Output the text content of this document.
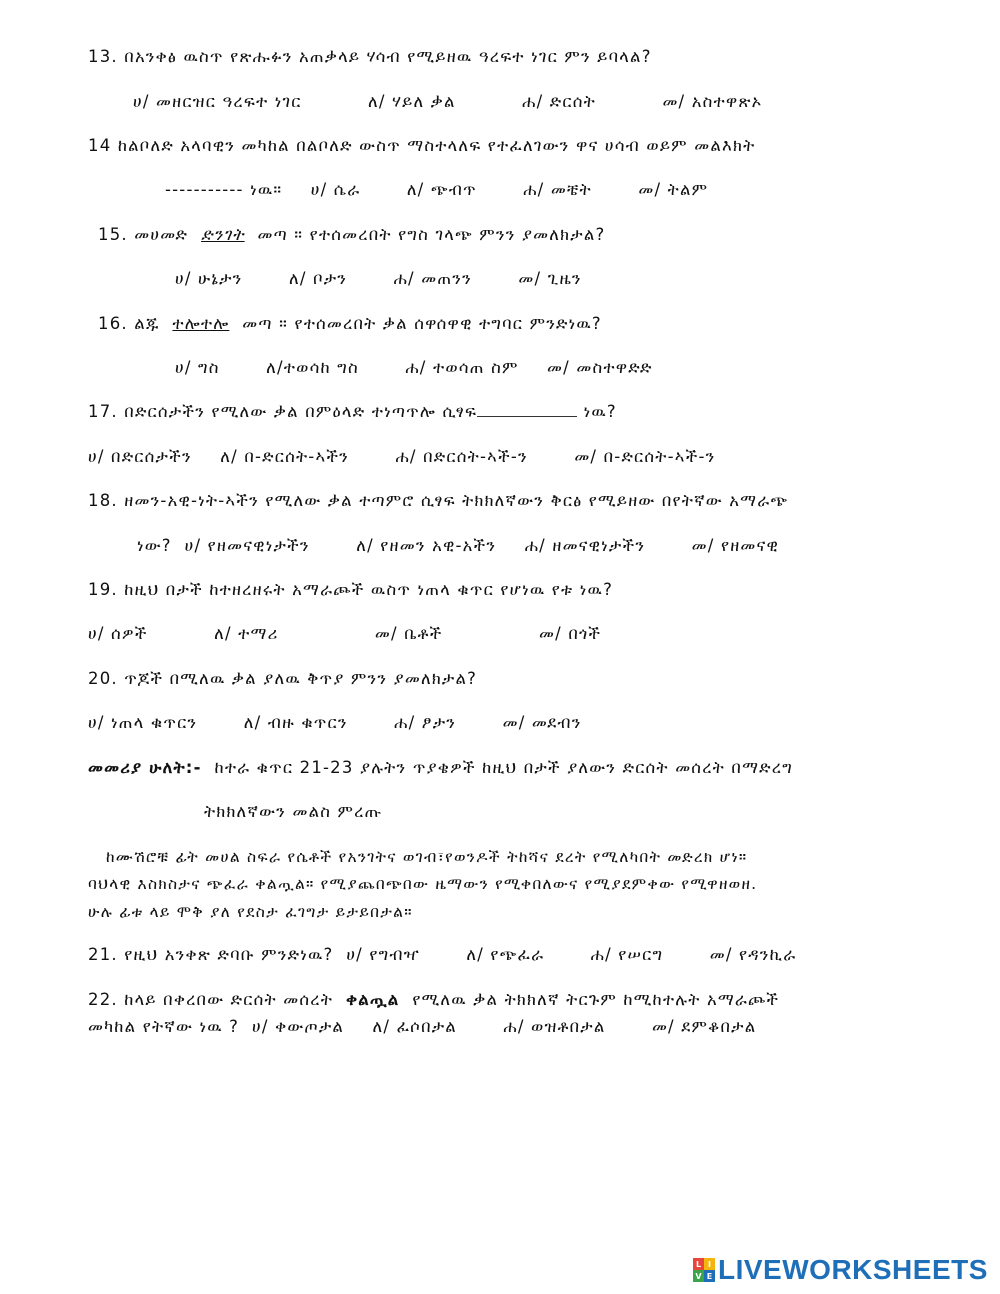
13. በአንቀፅ ዉስጥ የጽሑፉን አጠቃላይ ሃሳብ የሚይዘዉ ዓረፍተ ነገር ምን ይባላል?
ሀ/ መዘርዝር ዓረፍተ ነገር	ለ/ ሃይለ ቃል	ሐ/ ድርሰት	መ/ አስተዋጽኦ
14 ከልቦለድ አላባዊን መካከል በልቦለድ ውስጥ ማስተላለፍ የተፈለገውን ዋና ሀሳብ ወይም መልእክት
----------- ነዉ። ሀ/ ሴራ	ለ/ ጭብጥ	ሐ/ መቼት	መ/ ትልም
15. መሀመድ ድንገት መጣ ። የተሰመረበት የግስ ገላጭ ምንን ያመለክታል?
ሀ/ ሁኔታን	ለ/ ቦታን	ሐ/ መጠንን	መ/ ጊዜን
16. ልጁ ተሎተሎ መጣ ። የተሰመረበት ቃል ሰዋሰዋዊ ተግባር ምንድነዉ?
ሀ/ ግስ	ለ/ተወሳከ ግስ	ሐ/ ተወሳጠ ስም መ/ መስተዋድድ
17. በድርሰታችን የሚለው ቃል በምዕላድ ተነጣጥሎ ሲፃፍ	ነዉ?
ሀ/ በድርሰታችን ለ/ በ-ድርሰት-ኣችን	ሐ/ በድርሰት-ኣች-ን	መ/ በ-ድርሰት-ኣች-ን
18. ዘመን-አዊ-ነት-ኣችን የሚለው ቃል ተጣምሮ ሲፃፍ ትክክለኛውን ቅርፅ የሚይዘው በየትኛው አማራጭ
ነው? ሀ/ የዘመናዊነታችን	ለ/ የዘመን አዊ-አችን ሐ/ ዘመናዊነታችን	መ/ የዘመናዊ
19. ከዚህ በታች ከተዘረዘሩት አማራጮች ዉስጥ ነጠላ ቁጥር የሆነዉ የቱ ነዉ?
ሀ/ ሰዎች	ለ/ ተማሪ	መ/ ቤቶች	መ/ በጎች
20. ጥጆች በሚለዉ ቃል ያለዉ ቅጥያ ምንን ያመለክታል?
ሀ/ ነጠላ ቁጥርን	ለ/ ብዙ ቁጥርን	ሐ/ ፆታን	መ/ መደብን
መመሪያ ሁለት:- ከተራ ቁጥር 21-23 ያሉትን ጥያቄዎች ከዚህ በታች ያለውን ድርሰት መሰረት በማድረግ
ትክክለኛውን መልስ ምረጡ
ከሙሽሮቹ ፊት መሀል ስፍራ የሴቶች የአንገትና ወገብ፣የወንዶች ትከሻና ደረት የሚለካበት መድረክ ሆነ።
ባህላዊ እስክስታና ጭፈራ ቀልጧል። የሚያጨበጭበው ዜማውን የሚቀበለውና የሚያደምቀው የሚዋዘወዘ.
ሁሉ ፊቱ ላይ ሞቅ ያለ የደስታ ፈገግታ ይታይበታል።
21. የዚህ አንቀጽ ድባቡ ምንድነዉ? ሀ/ የግብዣ	ለ/ የጭፈራ	ሐ/ የሠርግ	መ/ የዳንኪራ
22. ከላይ በቀረበው ድርሰት መሰረት ቀልጧል የሚለዉ ቃል ትክክለኛ ትርጉም ከሚከተሉት አማራጮች
መካከል የትኛው ነዉ ? ሀ/ ቀውጦታል ለ/ ፈሶበታል	ሐ/ ወዝቶበታል	መ/ ደምቆበታል
L I
V E LIVEWORKSHEETS
